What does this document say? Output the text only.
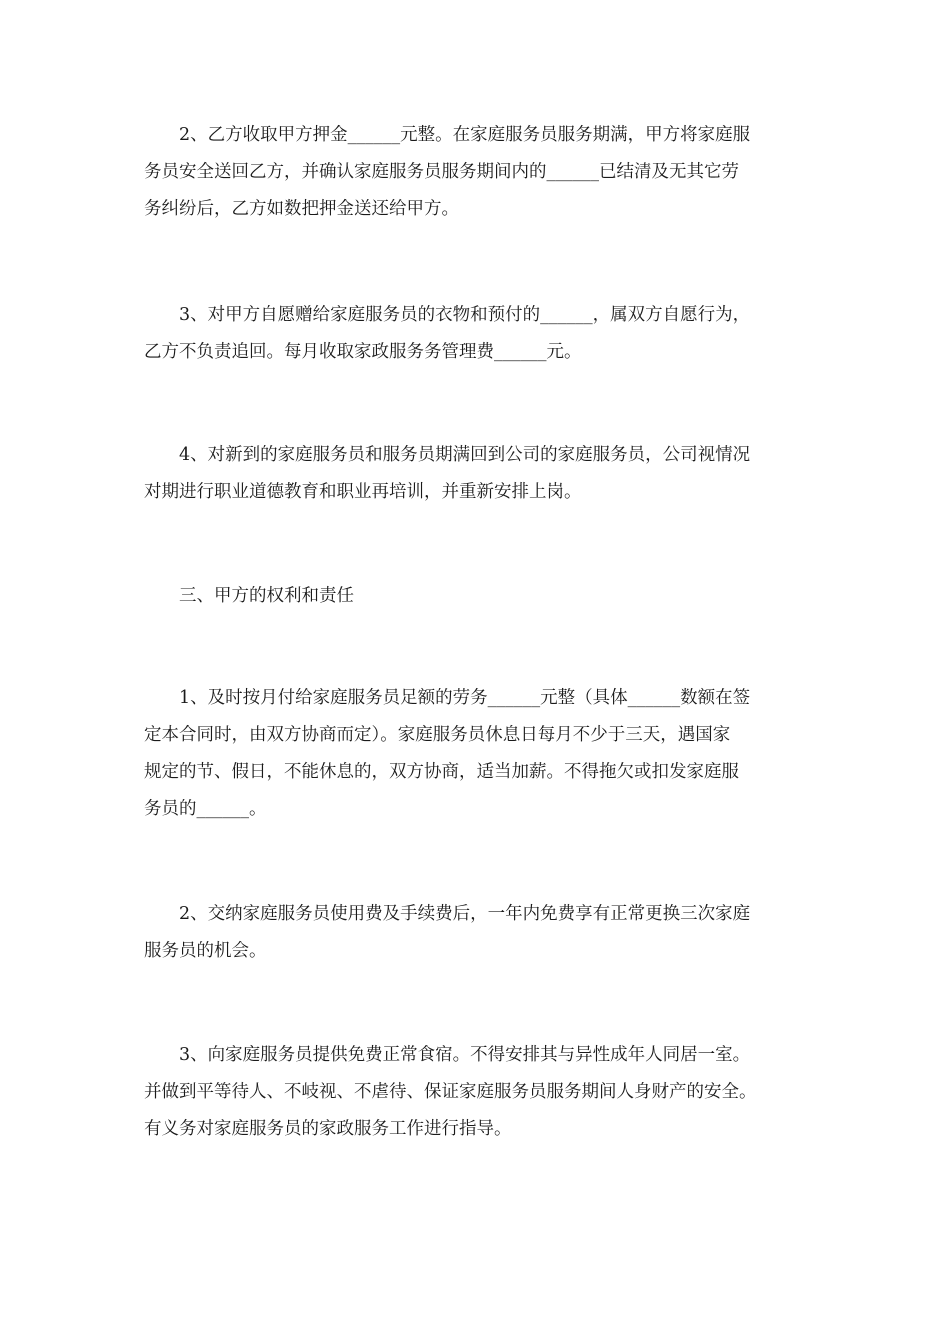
　　2、乙方收取甲方押金______元整。在家庭服务员服务期满，甲方将家庭服
务员安全送回乙方，并确认家庭服务员服务期间内的______已结清及无其它劳
务纠纷后，乙方如数把押金送还给甲方。
　　3、对甲方自愿赠给家庭服务员的衣物和预付的______，属双方自愿行为，
乙方不负责追回。每月收取家政服务务管理费______元。
　　4、对新到的家庭服务员和服务员期满回到公司的家庭服务员，公司视情况
对期进行职业道德教育和职业再培训，并重新安排上岗。
　　三、甲方的权利和责任
　　1、及时按月付给家庭服务员足额的劳务______元整（具体______数额在签
定本合同时，由双方协商而定）。家庭服务员休息日每月不少于三天，遇国家
规定的节、假日，不能休息的，双方协商，适当加薪。不得拖欠或扣发家庭服
务员的______。
　　2、交纳家庭服务员使用费及手续费后，一年内免费享有正常更换三次家庭
服务员的机会。
　　3、向家庭服务员提供免费正常食宿。不得安排其与异性成年人同居一室。
并做到平等待人、不岐视、不虐待、保证家庭服务员服务期间人身财产的安全。
有义务对家庭服务员的家政服务工作进行指导。
